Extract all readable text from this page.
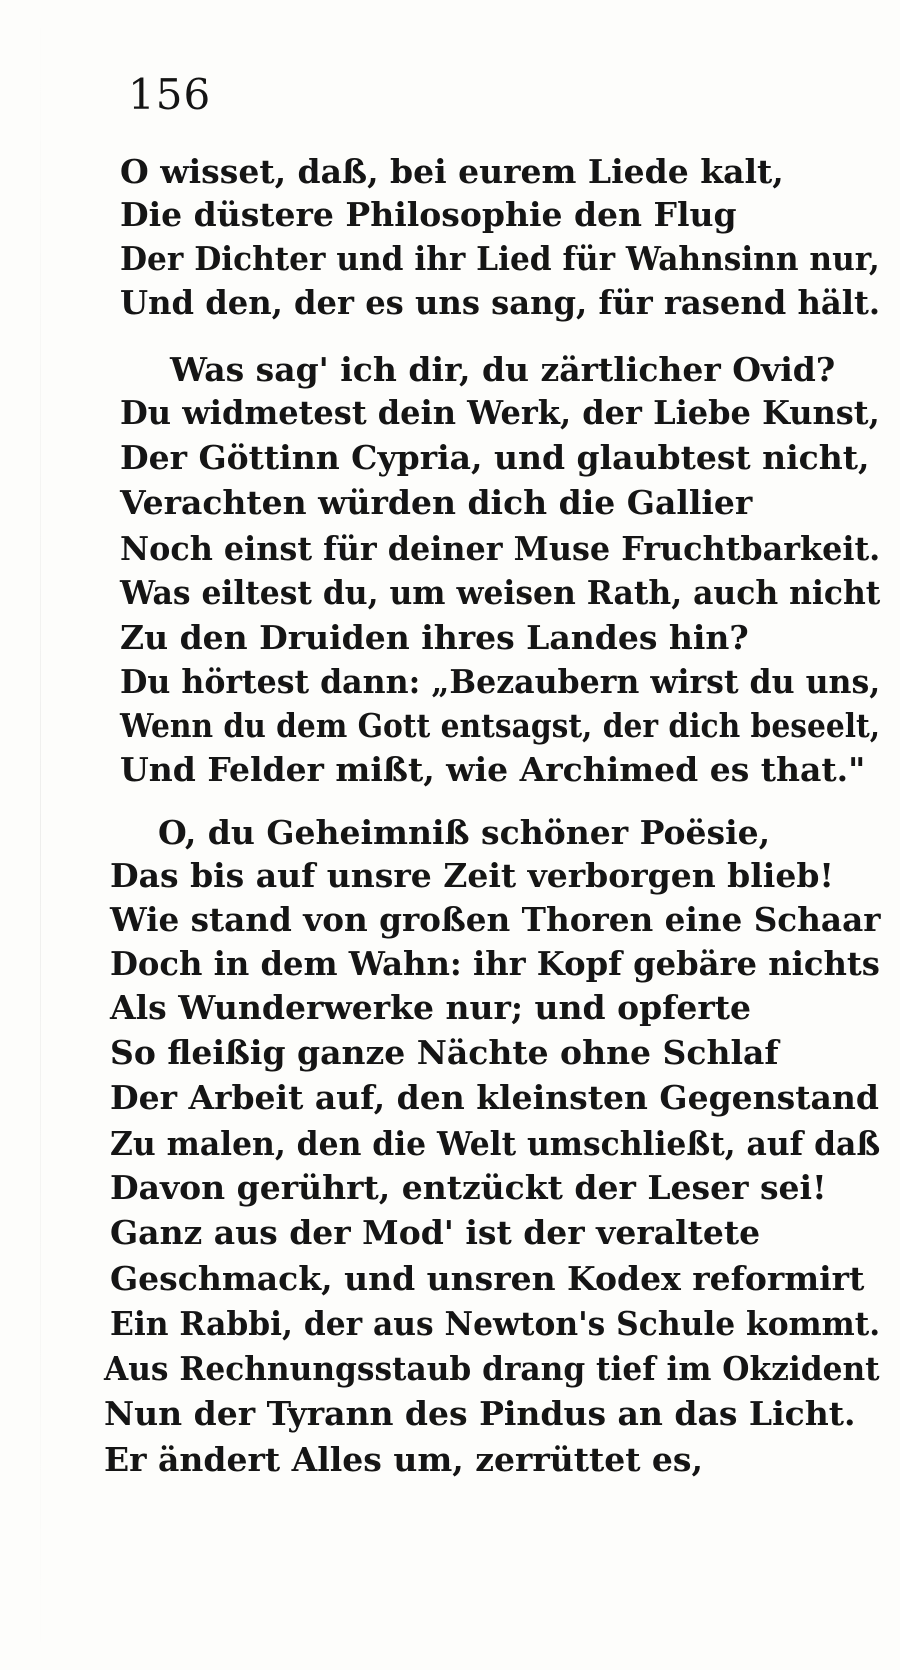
156
O wisset, daß, bei eurem Liede kalt,
Die düstere Philosophie den Flug
Der Dichter und ihr Lied für Wahnsinn nur,
Und den, der es uns sang, für rasend hält.
Was sag' ich dir, du zärtlicher Ovid?
Du widmetest dein Werk, der Liebe Kunst,
Der Göttinn Cypria, und glaubtest nicht,
Verachten würden dich die Gallier
Noch einst für deiner Muse Fruchtbarkeit.
Was eiltest du, um weisen Rath, auch nicht
Zu den Druiden ihres Landes hin?
Du hörtest dann: „Bezaubern wirst du uns,
Wenn du dem Gott entsagst, der dich beseelt,
Und Felder mißt, wie Archimed es that."
O, du Geheimniß schöner Poësie,
Das bis auf unsre Zeit verborgen blieb!
Wie stand von großen Thoren eine Schaar
Doch in dem Wahn: ihr Kopf gebäre nichts
Als Wunderwerke nur; und opferte
So fleißig ganze Nächte ohne Schlaf
Der Arbeit auf, den kleinsten Gegenstand
Zu malen, den die Welt umschließt, auf daß
Davon gerührt, entzückt der Leser sei!
Ganz aus der Mod' ist der veraltete
Geschmack, und unsren Kodex reformirt
Ein Rabbi, der aus Newton's Schule kommt.
Aus Rechnungsstaub drang tief im Okzident
Nun der Tyrann des Pindus an das Licht.
Er ändert Alles um, zerrüttet es,
